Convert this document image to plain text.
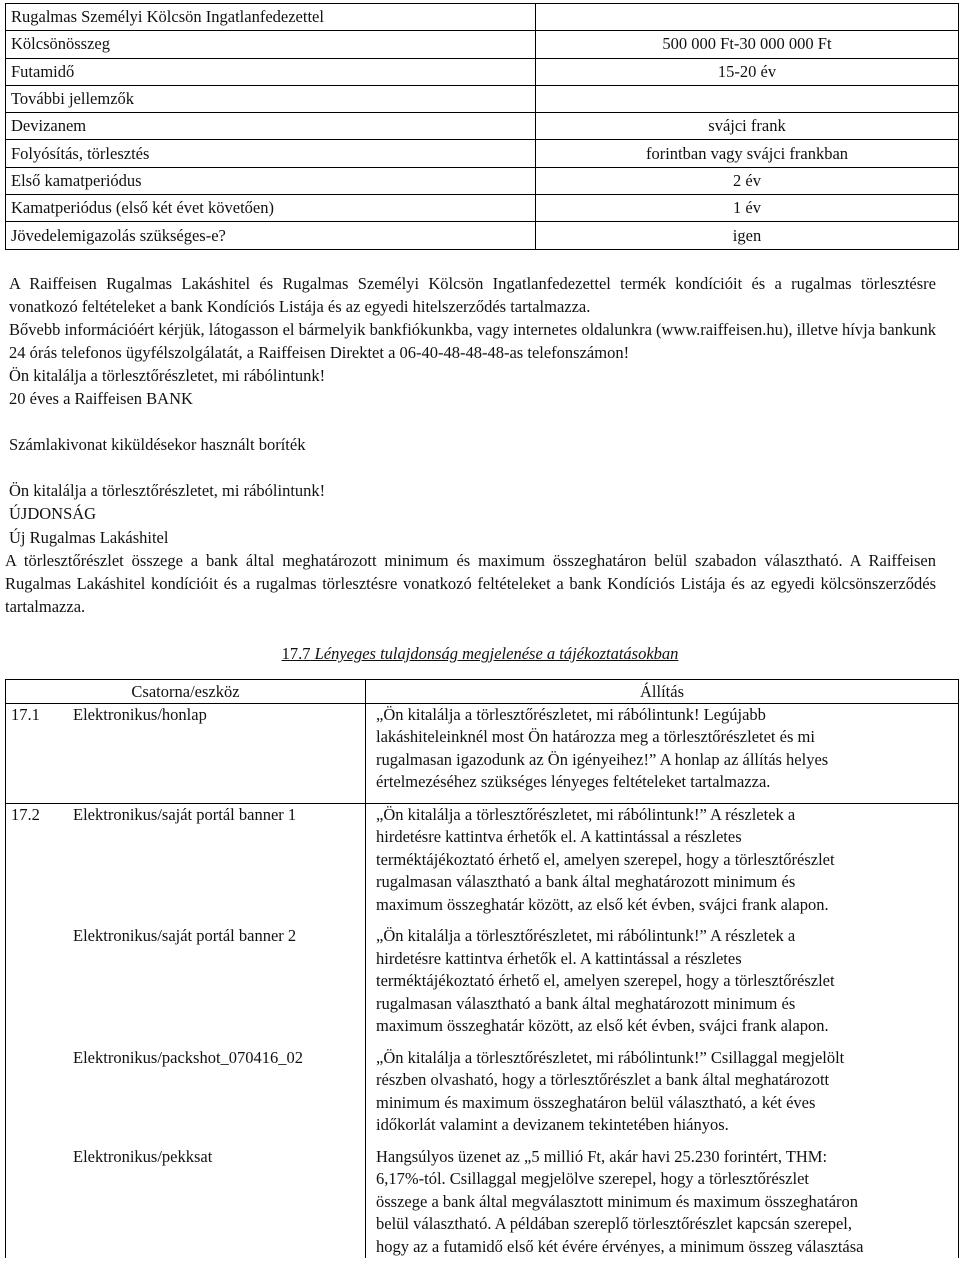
Rugalmas Személyi Kölcsön Ingatlanfedezettel	
Kölcsönösszeg	500 000 Ft-30 000 000 Ft
Futamidő	15-20 év
További jellemzők	
Devizanem	svájci frank
Folyósítás, törlesztés	forintban vagy svájci frankban
Első kamatperiódus	2 év
Kamatperiódus (első két évet követően)	1 év
Jövedelemigazolás szükséges-e?	igen

A Raiffeisen Rugalmas Lakáshitel és Rugalmas Személyi Kölcsön Ingatlanfedezettel termék kondícióit és a rugalmas törlesztésre vonatkozó feltételeket a bank Kondíciós Listája és az egyedi hitelszerződés tartalmazza.

Bővebb információért kérjük, látogasson el bármelyik bankfiókunkba, vagy internetes oldalunkra (www.raiffeisen.hu), illetve hívja bankunk 24 órás telefonos ügyfélszolgálatát, a Raiffeisen Direktet a 06-40-48-48-48-as telefonszámon!

Ön kitalálja a törlesztőrészletet, mi rábólintunk!

20 éves a Raiffeisen BANK

Számlakivonat kiküldésekor használt boríték

Ön kitalálja a törlesztőrészletet, mi rábólintunk!

ÚJDONSÁG

Új Rugalmas Lakáshitel

A törlesztőrészlet összege a bank által meghatározott minimum és maximum összeghatáron belül szabadon választható. A Raiffeisen Rugalmas Lakáshitel kondícióit és a rugalmas törlesztésre vonatkozó feltételeket a bank Kondíciós Listája és az egyedi kölcsönszerződés tartalmazza.

17.7 Lényeges tulajdonság megjelenése a tájékoztatásokban
Csatorna/eszköz		Állítás
17.1	Elektronikus/honlap	„Ön kitalálja a törlesztőrészletet, mi rábólintunk! Legújabb
lakáshiteleinknél most Ön határozza meg a törlesztőrészletet és mi
rugalmasan igazodunk az Ön igényeihez!” A honlap az állítás helyes
értelmezéséhez szükséges lényeges feltételeket tartalmazza.

17.2	Elektronikus/saját portál banner 1	„Ön kitalálja a törlesztőrészletet, mi rábólintunk!” A részletek a
hirdetésre kattintva érhetők el. A kattintással a részletes
terméktájékoztató érhető el, amelyen szerepel, hogy a törlesztőrészlet
rugalmasan választható a bank által meghatározott minimum és
maximum összeghatár között, az első két évben, svájci frank alapon.

	Elektronikus/saját portál banner 2	„Ön kitalálja a törlesztőrészletet, mi rábólintunk!” A részletek a
hirdetésre kattintva érhetők el. A kattintással a részletes
terméktájékoztató érhető el, amelyen szerepel, hogy a törlesztőrészlet
rugalmasan választható a bank által meghatározott minimum és
maximum összeghatár között, az első két évben, svájci frank alapon.

	Elektronikus/packshot_070416_02	„Ön kitalálja a törlesztőrészletet, mi rábólintunk!” Csillaggal megjelölt
részben olvasható, hogy a törlesztőrészlet a bank által meghatározott
minimum és maximum összeghatáron belül választható, a két éves
időkorlát valamint a devizanem tekintetében hiányos.

	Elektronikus/pekksat	Hangsúlyos üzenet az „5 millió Ft, akár havi 25.230 forintért, THM:
6,17%-tól. Csillaggal megjelölve szerepel, hogy a törlesztőrészlet
összege a bank által megválasztott minimum és maximum összeghatáron
belül választható. A példában szereplő törlesztőrészlet kapcsán szerepel,
hogy az a futamidő első két évére érvényes, a minimum összeg választása
